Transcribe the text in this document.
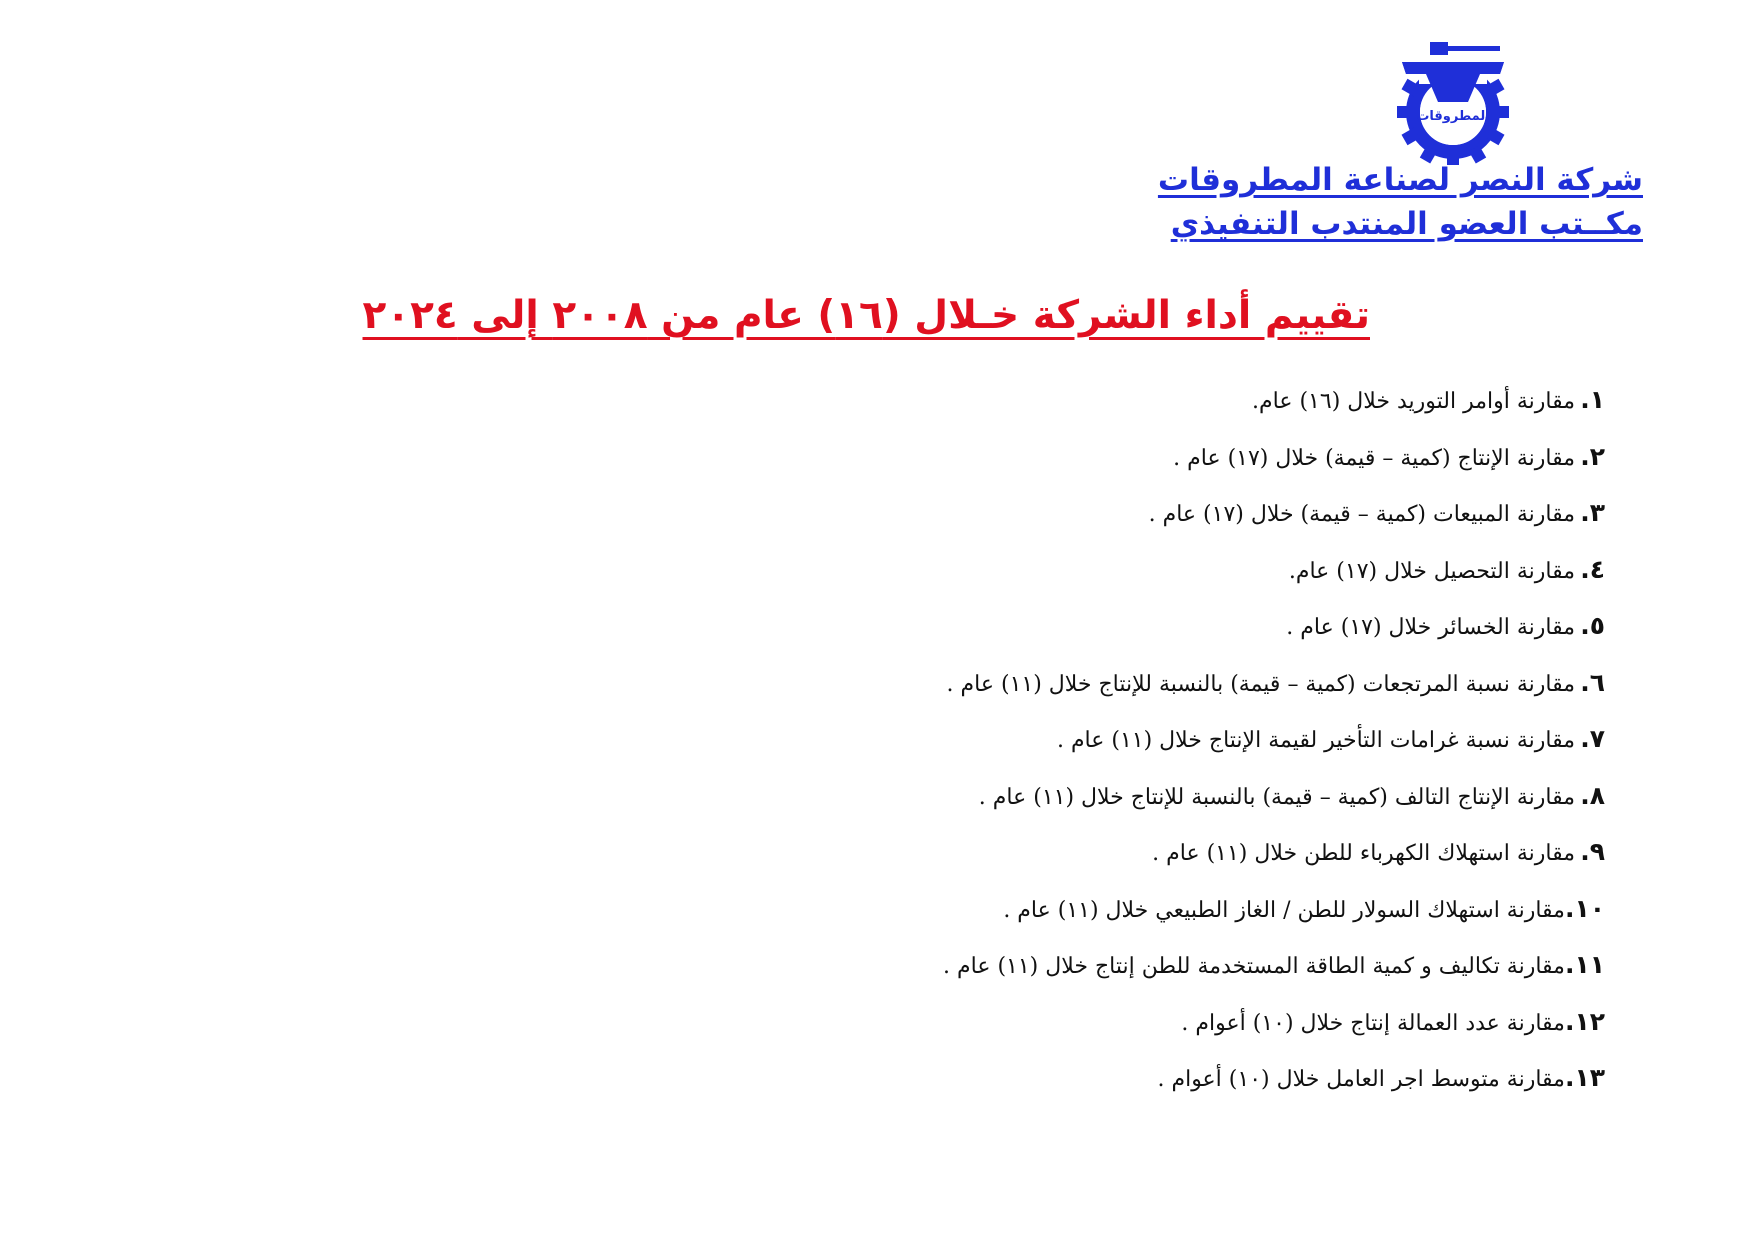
المطروقات
شركة النصر لصناعة المطروقات
مكــتب العضو المنتدب التنفيذي
تقييم أداء الشركة خـلال (١٦) عام من ٢٠٠٨ إلى ٢٠٢٤
١.مقارنة أوامر التوريد خلال (١٦) عام.
٢.مقارنة الإنتاج (كمية – قيمة) خلال (١٧) عام .
٣.مقارنة المبيعات (كمية – قيمة) خلال (١٧) عام .
٤.مقارنة التحصيل خلال (١٧) عام.
٥.مقارنة الخسائر خلال (١٧) عام .
٦.مقارنة نسبة المرتجعات (كمية – قيمة) بالنسبة للإنتاج خلال (١١) عام .
٧.مقارنة نسبة غرامات التأخير لقيمة الإنتاج خلال (١١) عام .
٨.مقارنة الإنتاج التالف (كمية – قيمة) بالنسبة للإنتاج خلال (١١) عام .
٩.مقارنة استهلاك الكهرباء للطن خلال (١١) عام .
١٠.مقارنة استهلاك السولار للطن / الغاز الطبيعي خلال (١١) عام .
١١.مقارنة تكاليف و كمية الطاقة المستخدمة للطن إنتاج خلال (١١) عام .
١٢.مقارنة عدد العمالة إنتاج خلال (١٠) أعوام .
١٣.مقارنة متوسط اجر العامل خلال (١٠) أعوام .
